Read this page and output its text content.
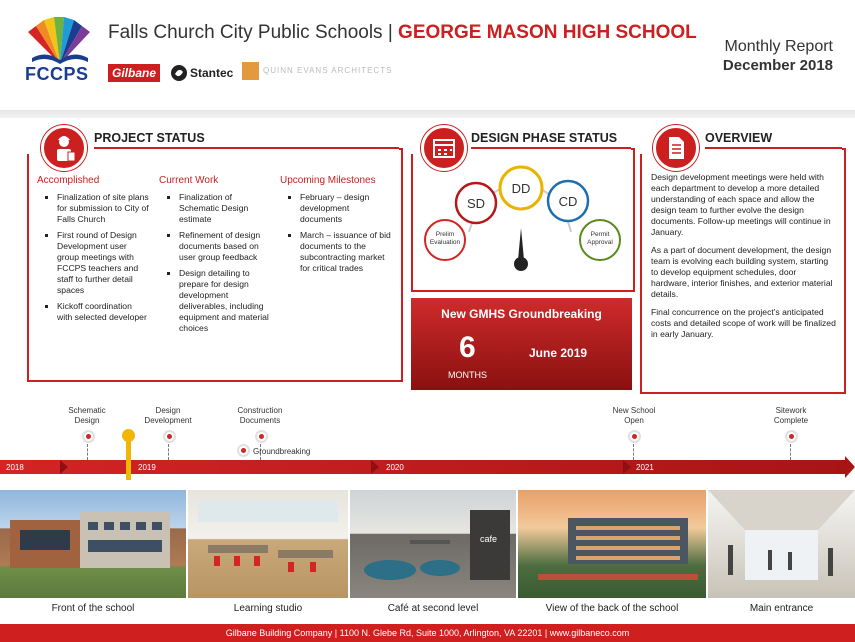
FCCPS
Falls Church City Public Schools | GEORGE MASON HIGH SCHOOL
Gilbane	Stantec	QUINN EVANS ARCHITECTS
Monthly Report
December 2018
PROJECT STATUS
Accomplished
▪ Finalization of site plans for submission to City of Falls Church
▪ First round of Design Development user group meetings with FCCPS teachers and staff to further detail spaces
▪ Kickoff coordination with selected developer
Current Work
▪ Finalization of Schematic Design estimate
▪ Refinement of design documents based on user group feedback
▪ Design detailing to prepare for design development deliverables, including equipment and material choices
Upcoming Milestones
▪ February – design development documents
▪ March – issuance of bid documents to the subcontracting market for critical trades
DESIGN PHASE STATUS
Prelim Evaluation
SD
DD
CD
Permit Approval
New GMHS Groundbreaking
6
MONTHS
June 2019
OVERVIEW

Design development meetings were held with each department to develop a more detailed understanding of each space and allow the design team to further evolve the design documents. Follow-up meetings will continue in January.

As a part of document development, the design team is evolving each building system, starting to develop equipment schedules, door hardware, interior finishes, and exterior material details.

Final concurrence on the project's anticipated costs and detailed scope of work will be finalized in early January.

2018	2019	2020	2021
Schematic Design
Design Development
Construction Documents
Groundbreaking
New School Open
Sitework Complete
cafe
Front of the school	Learning studio	Café at second level	View of the back of the school	Main entrance
Gilbane Building Company | 1100 N. Glebe Rd, Suite 1000, Arlington, VA 22201 | www.gilbaneco.com
